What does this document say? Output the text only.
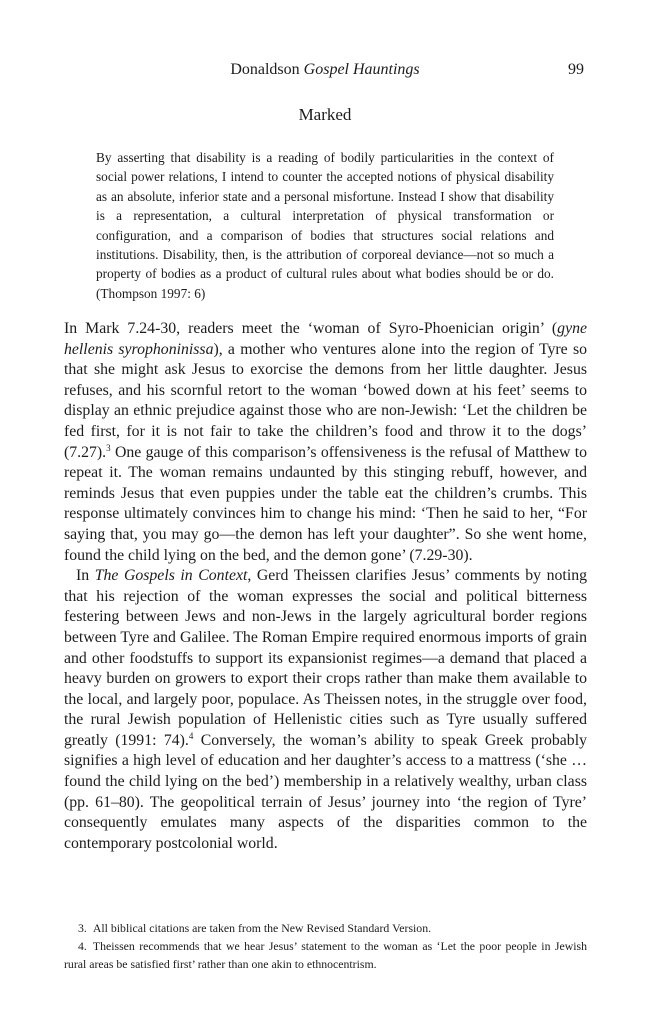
Donaldson Gospel Hauntings	99
Marked
By asserting that disability is a reading of bodily particularities in the context of social power relations, I intend to counter the accepted notions of physical disability as an absolute, inferior state and a personal misfortune. Instead I show that disability is a representation, a cultural interpretation of physical transformation or configuration, and a comparison of bodies that structures social relations and institutions. Disability, then, is the attribution of corporeal deviance—not so much a property of bodies as a product of cultural rules about what bodies should be or do. (Thompson 1997: 6)

In Mark 7.24-30, readers meet the ‘woman of Syro-Phoenician origin’ (gyne hellenis syrophoninissa), a mother who ventures alone into the region of Tyre so that she might ask Jesus to exorcise the demons from her little daughter. Jesus refuses, and his scornful retort to the woman ‘bowed down at his feet’ seems to display an ethnic prejudice against those who are non-Jewish: ‘Let the children be fed first, for it is not fair to take the children’s food and throw it to the dogs’ (7.27).$^3$ One gauge of this comparison’s offensiveness is the refusal of Matthew to repeat it. The woman remains undaunted by this stinging rebuff, however, and reminds Jesus that even puppies under the table eat the children’s crumbs. This response ultimately convinces him to change his mind: ‘Then he said to her, “For saying that, you may go—the demon has left your daughter”. So she went home, found the child lying on the bed, and the demon gone’ (7.29-30).

In The Gospels in Context, Gerd Theissen clarifies Jesus’ comments by noting that his rejection of the woman expresses the social and political bitterness festering between Jews and non-Jews in the largely agricultural border regions between Tyre and Galilee. The Roman Empire required enormous imports of grain and other foodstuffs to support its expansionist regimes—a demand that placed a heavy burden on growers to export their crops rather than make them available to the local, and largely poor, populace. As Theissen notes, in the struggle over food, the rural Jewish population of Hellenistic cities such as Tyre usually suffered greatly (1991: 74).$^4$ Conversely, the woman’s ability to speak Greek probably signifies a high level of education and her daughter’s access to a mattress (‘she … found the child lying on the bed’) membership in a relatively wealthy, urban class (pp. 61–80). The geopolitical terrain of Jesus’ journey into ‘the region of Tyre’ consequently emulates many aspects of the disparities common to the contemporary postcolonial world.

3. All biblical citations are taken from the New Revised Standard Version.

4. Theissen recommends that we hear Jesus’ statement to the woman as ‘Let the poor people in Jewish rural areas be satisfied first’ rather than one akin to ethnocentrism.
